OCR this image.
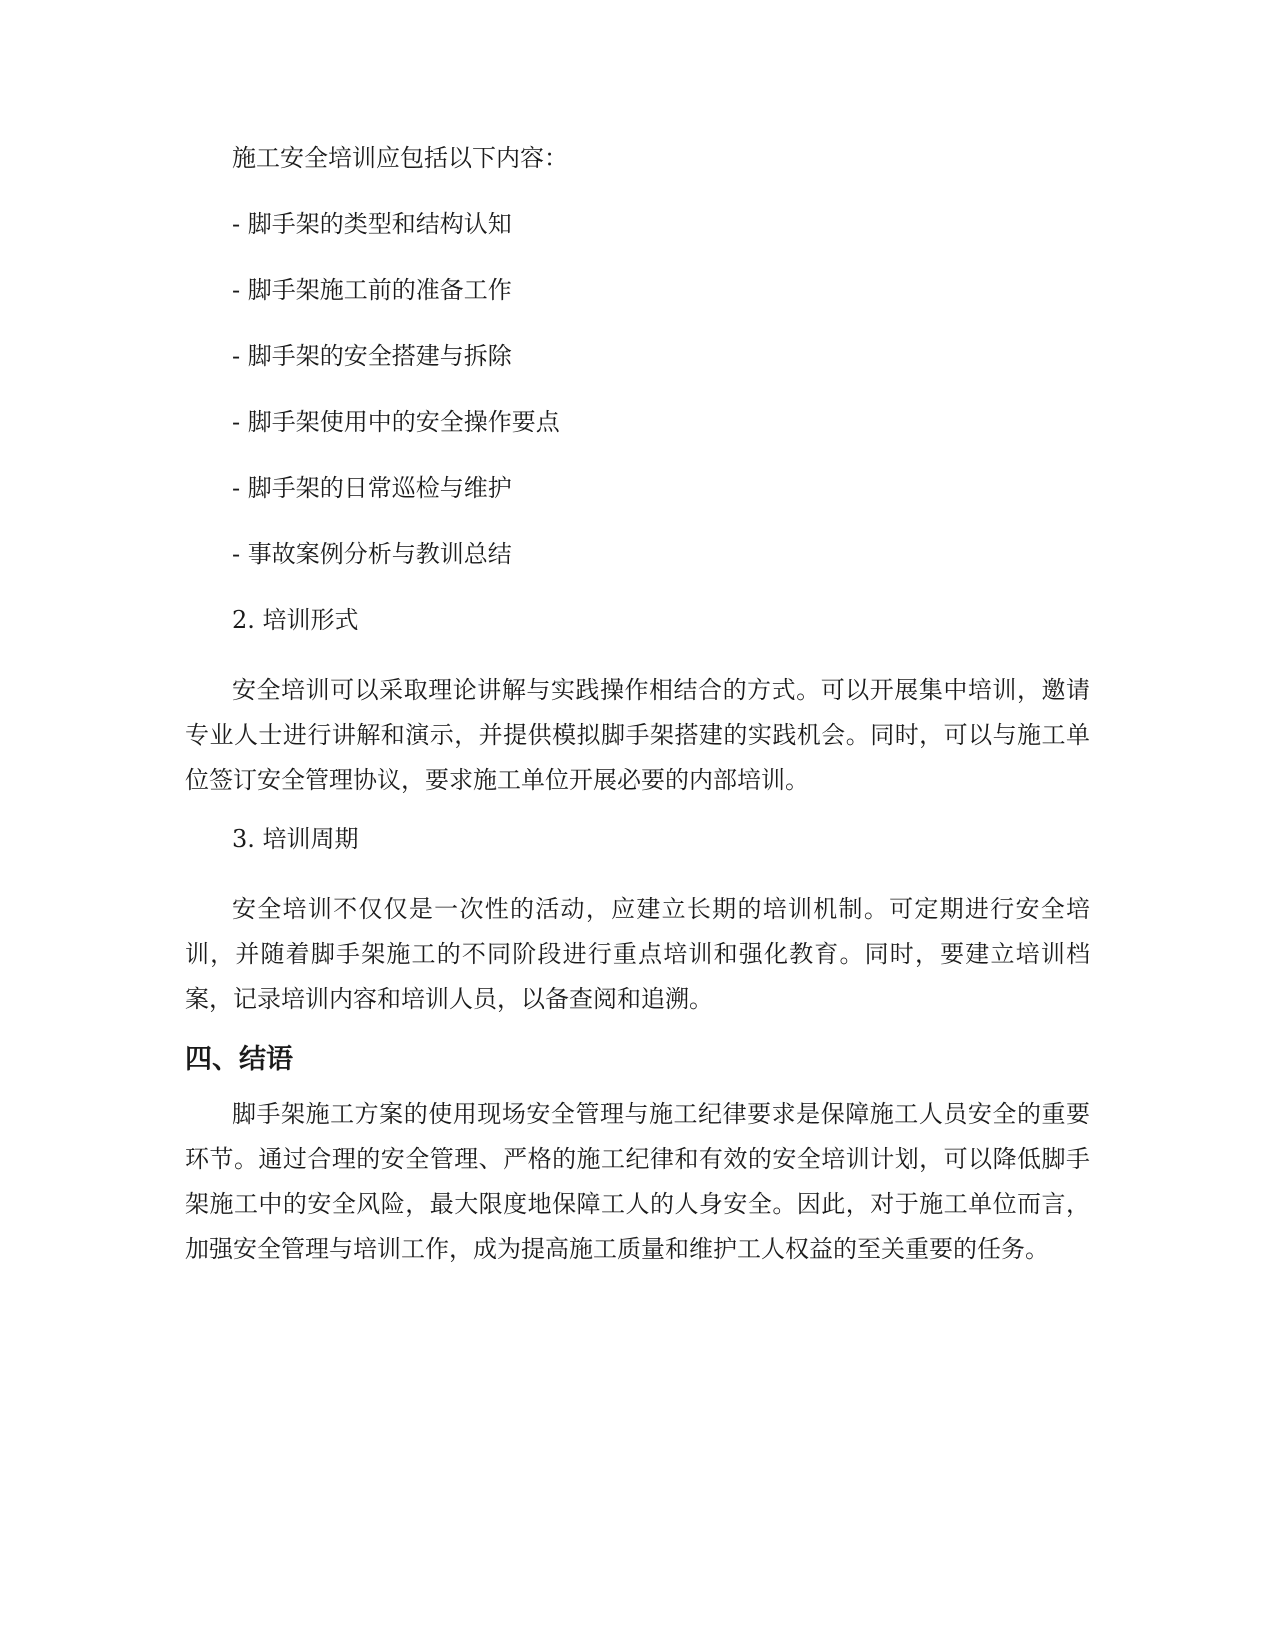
施工安全培训应包括以下内容：
- 脚手架的类型和结构认知
- 脚手架施工前的准备工作
- 脚手架的安全搭建与拆除
- 脚手架使用中的安全操作要点
- 脚手架的日常巡检与维护
- 事故案例分析与教训总结
2. 培训形式

安全培训可以采取理论讲解与实践操作相结合的方式。可以开展集中培训，邀请专业人士进行讲解和演示，并提供模拟脚手架搭建的实践机会。同时，可以与施工单位签订安全管理协议，要求施工单位开展必要的内部培训。

3. 培训周期

安全培训不仅仅是一次性的活动，应建立长期的培训机制。可定期进行安全培训，并随着脚手架施工的不同阶段进行重点培训和强化教育。同时，要建立培训档案，记录培训内容和培训人员，以备查阅和追溯。

四、结语

脚手架施工方案的使用现场安全管理与施工纪律要求是保障施工人员安全的重要环节。通过合理的安全管理、严格的施工纪律和有效的安全培训计划，可以降低脚手架施工中的安全风险，最大限度地保障工人的人身安全。因此，对于施工单位而言，加强安全管理与培训工作，成为提高施工质量和维护工人权益的至关重要的任务。
